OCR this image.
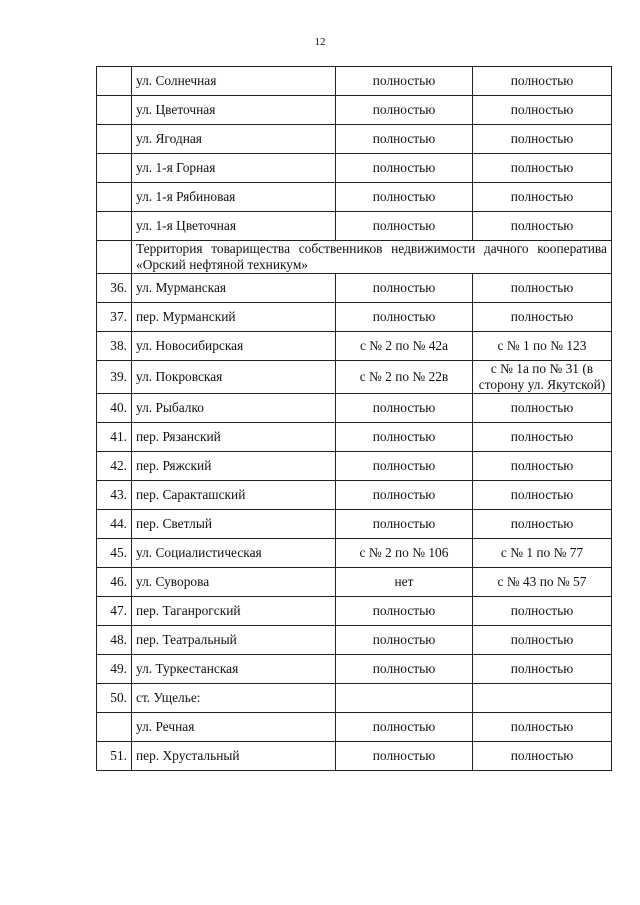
12
	ул. Солнечная	полностью	полностью
	ул. Цветочная	полностью	полностью
	ул. Ягодная	полностью	полностью
	ул. 1-я Горная	полностью	полностью
	ул. 1-я Рябиновая	полностью	полностью
	ул. 1-я Цветочная	полностью	полностью

	Территория товарищества собственников недвижимости дачного кооператива «Орский нефтяной техникум»		

36.	ул. Мурманская	полностью	полностью
37.	пер. Мурманский	полностью	полностью
38.	ул. Новосибирская	с № 2 по № 42а	с № 1 по № 123
39.	ул. Покровская	с № 2 по № 22в	с № 1а по № 31 (в сторону ул. Якутской)
40.	ул. Рыбалко	полностью	полностью
41.	пер. Рязанский	полностью	полностью
42.	пер. Ряжский	полностью	полностью
43.	пер. Саракташский	полностью	полностью
44.	пер. Светлый	полностью	полностью
45.	ул. Социалистическая	с № 2 по № 106	с № 1 по № 77
46.	ул. Суворова	нет	с № 43 по № 57
47.	пер. Таганрогский	полностью	полностью
48.	пер. Театральный	полностью	полностью
49.	ул. Туркестанская	полностью	полностью
50.	ст. Ущелье:		
	ул. Речная	полностью	полностью
51.	пер. Хрустальный	полностью	полностью
